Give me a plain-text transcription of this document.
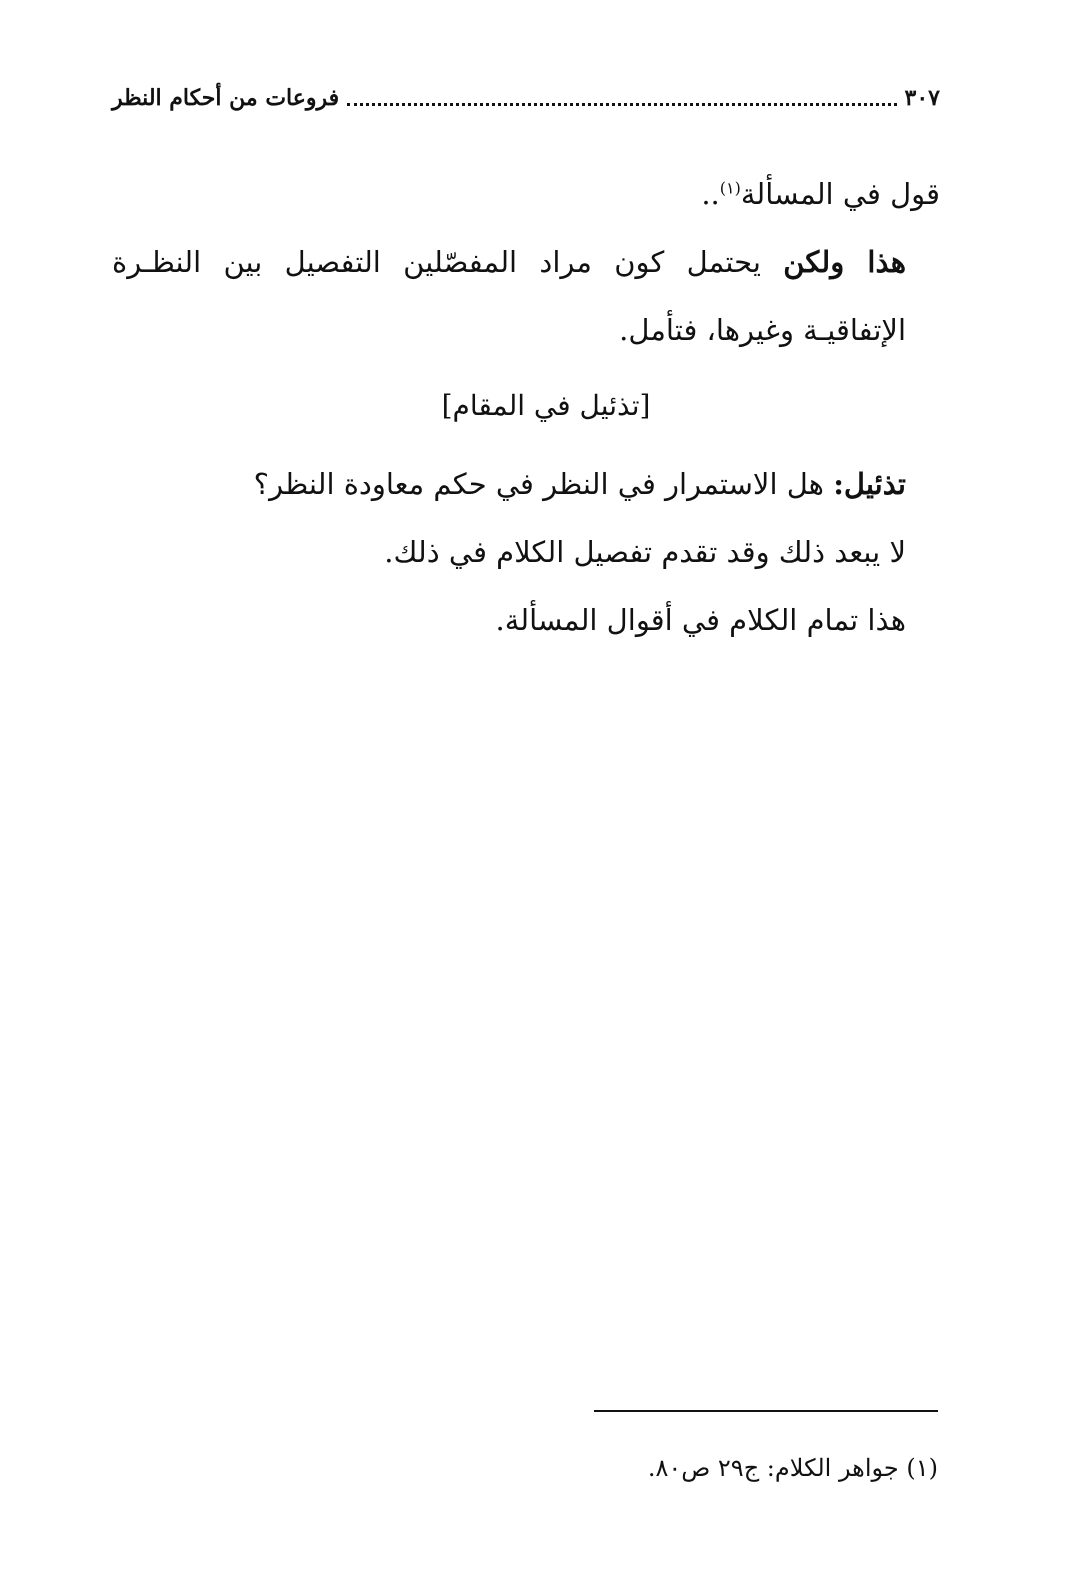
٣٠٧
فروعات من أحكام النظر

قول في المسألة$^{(١)}$..

هذا ولكن يحتمل كون مراد المفصّلين التفصيل بين النظـرة الإتفاقيـة وغيرها، فتأمل.

[تذئيل في المقام]

تذئيل: هل الاستمرار في النظر في حكم معاودة النظر؟

لا يبعد ذلك وقد تقدم تفصيل الكلام في ذلك.

هذا تمام الكلام في أقوال المسألة.

(١) جواهر الكلام: ج٢٩ ص٨٠.
